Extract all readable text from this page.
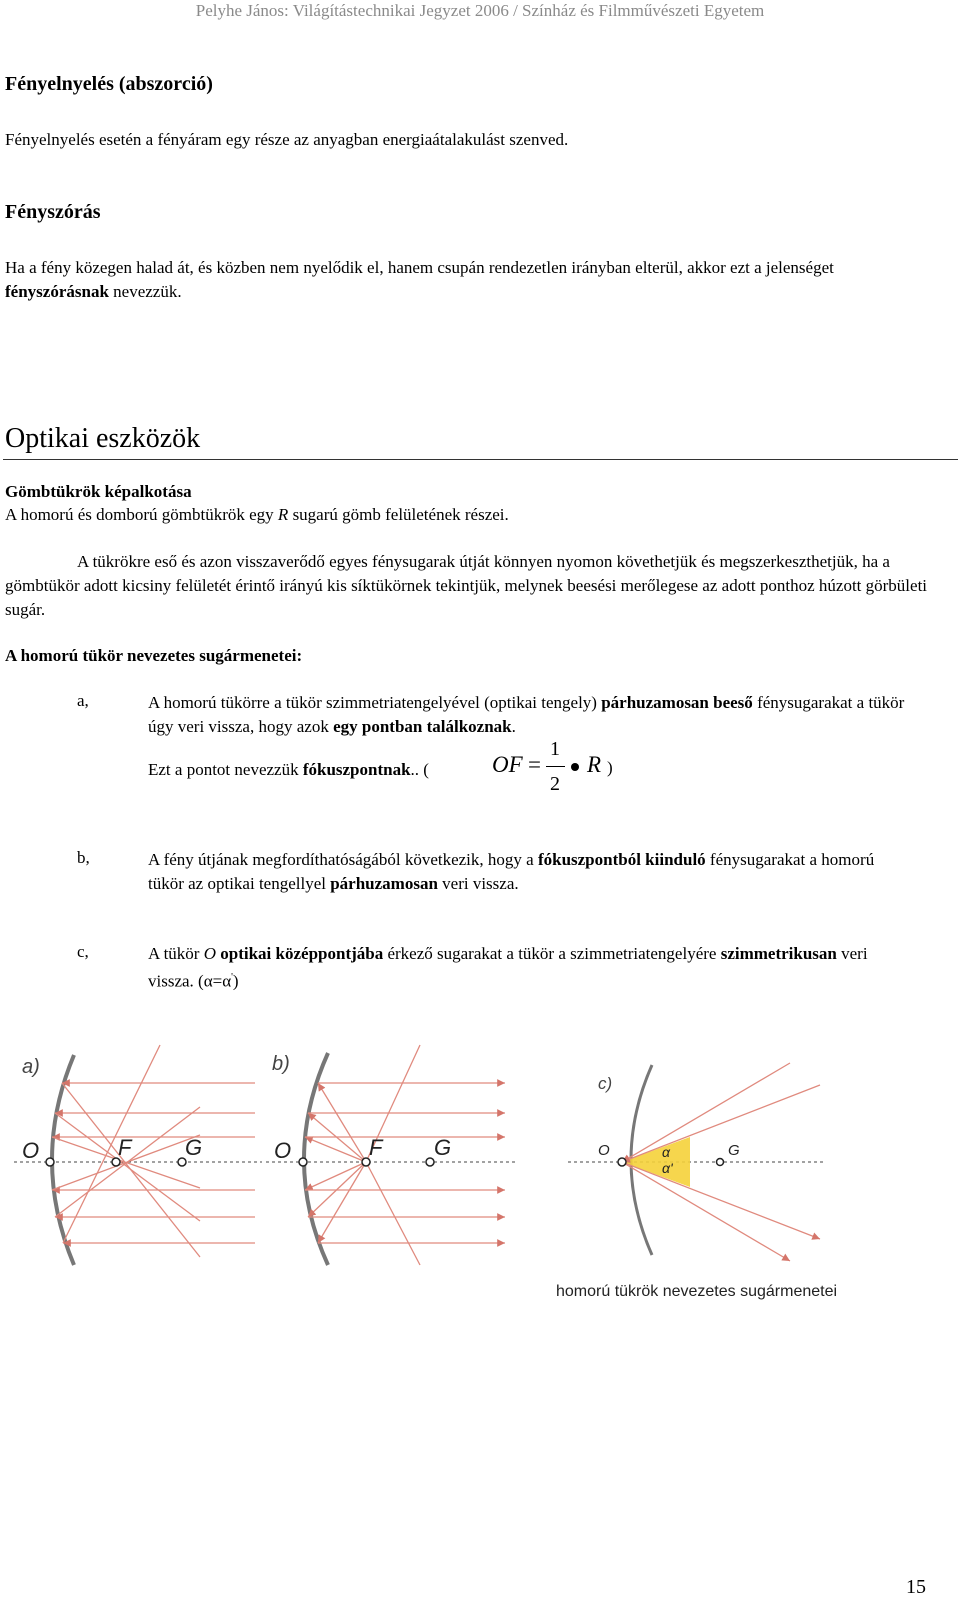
Pelyhe János: Világítástechnikai Jegyzet 2006 / Színház és Filmművészeti Egyetem
Fényelnyelés (abszorció)
Fényelnyelés esetén a fényáram egy része az anyagban energiaátalakulást szenved.
Fényszórás
Ha a fény közegen halad át, és közben nem nyelődik el, hanem csupán rendezetlen irányban elterül, akkor ezt a jelenséget fényszórásnak nevezzük.
Optikai eszközök
Gömbtükrök képalkotása
A homorú és domború gömbtükrök egy R sugarú gömb felületének részei.
A tükrökre eső és azon visszaverődő egyes fénysugarak útját könnyen nyomon követhetjük és megszerkeszthetjük, ha a gömbtükör adott kicsiny felületét érintő irányú kis síktükörnek tekintjük, melynek beesési merőlegese az adott ponthoz húzott görbületi sugár.
A homorú tükör nevezetes sugármenetei:
a,	A homorú tükörre a tükör szimmetriatengelyével (optikai tengely) párhuzamosan beeső fénysugarakat a tükör úgy veri vissza, hogy azok egy pontban találkoznak.
Ezt a pontot nevezzük fókuszpontnak.. (	OF =
1
2
R )
b,	A fény útjának megfordíthatóságából következik, hogy a fókuszpontból kiinduló fénysugarakat a homorú tükör az optikai tengellyel párhuzamosan veri vissza.
c,	A tükör O optikai középpontjába érkező sugarakat a tükör a szimmetriatengelyére szimmetrikusan veri vissza. (α=α')
a)
O	F G
b)
O	F G
c)
O	G
α
α'
homorú tükrök nevezetes sugármenetei
15
